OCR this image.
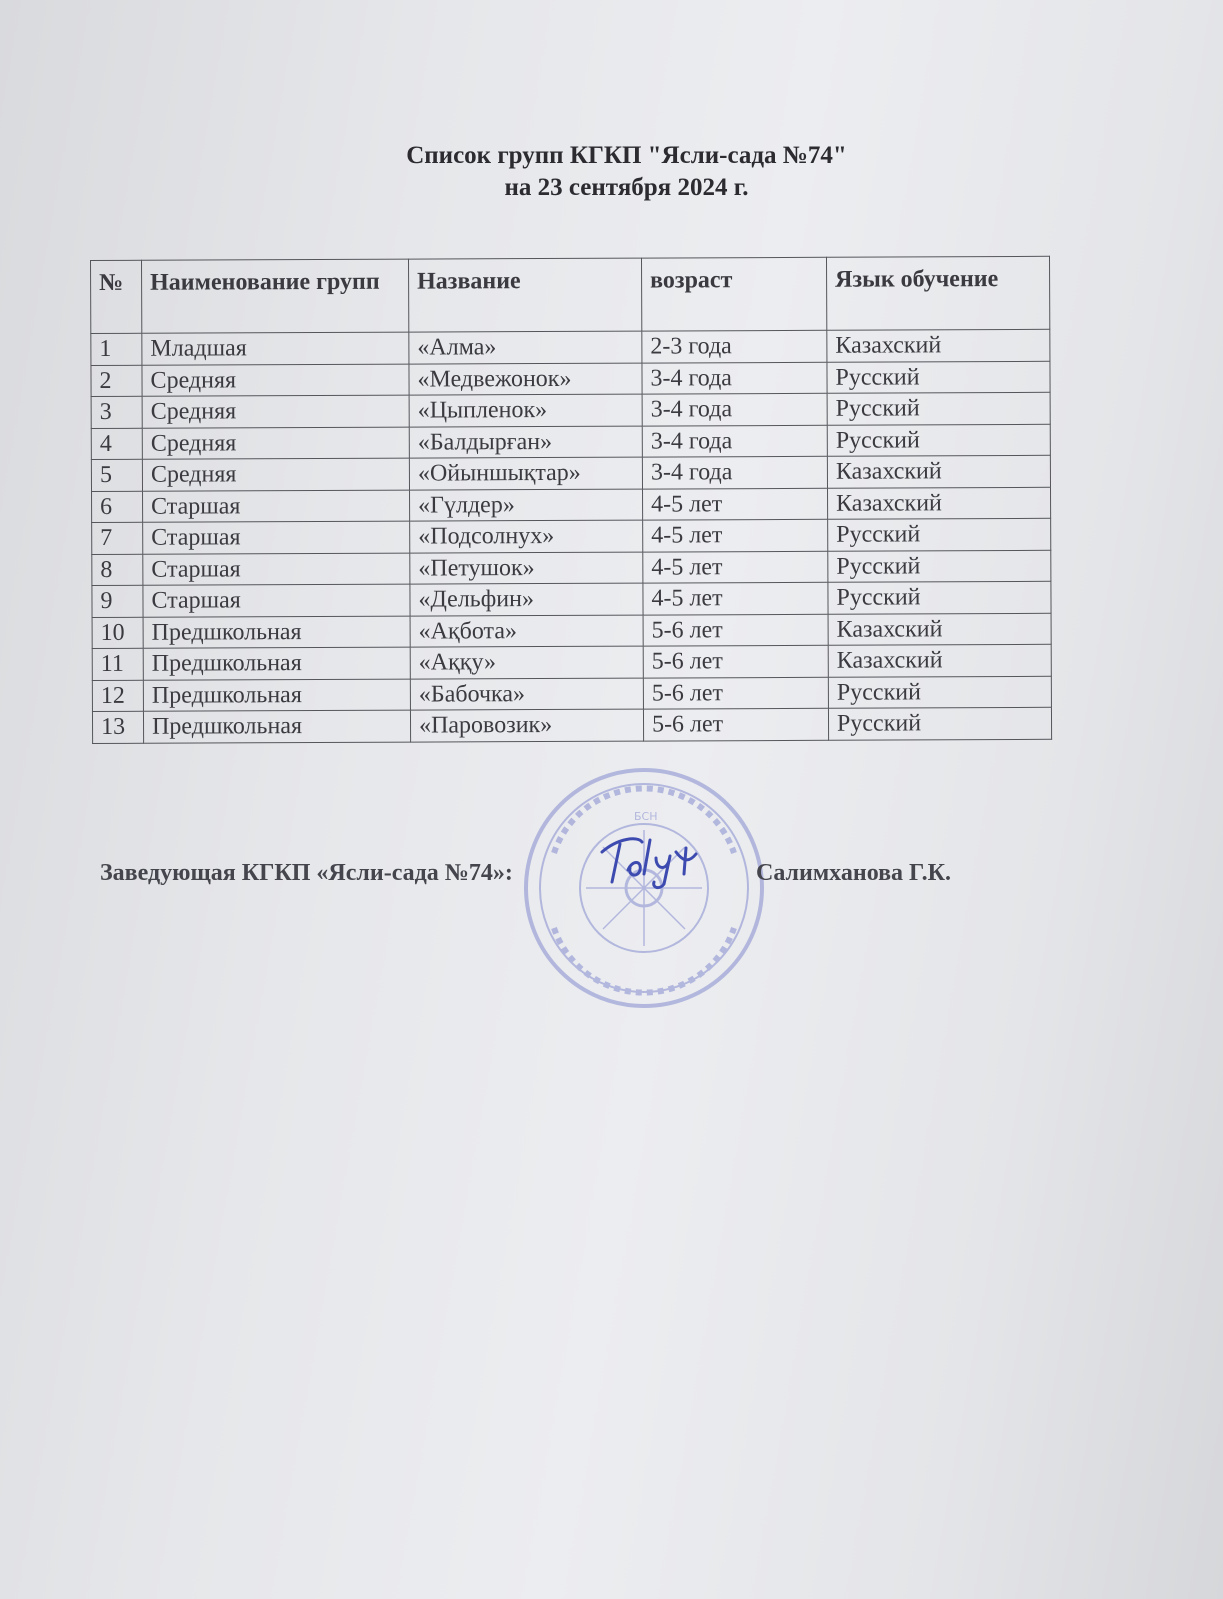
Список групп КГКП "Ясли-сада №74"
на 23 сентября 2024 г.
№	Наименование групп	Название	возраст	Язык обучение
1	Младшая	«Алма»	2-3 года	Казахский
2	Средняя	«Медвежонок»	3-4 года	Русский
3	Средняя	«Цыпленок»	3-4 года	Русский
4	Средняя	«Балдырған»	3-4 года	Русский
5	Средняя	«Ойыншықтар»	3-4 года	Казахский
6	Старшая	«Гүлдер»	4-5 лет	Казахский
7	Старшая	«Подсолнух»	4-5 лет	Русский
8	Старшая	«Петушок»	4-5 лет	Русский
9	Старшая	«Дельфин»	4-5 лет	Русский
10	Предшкольная	«Ақбота»	5-6 лет	Казахский
11	Предшкольная	«Аққу»	5-6 лет	Казахский
12	Предшкольная	«Бабочка»	5-6 лет	Русский
13	Предшкольная	«Паровозик»	5-6 лет	Русский
БСН
Заведующая КГКП «Ясли-сада №74»:	Салимханова Г.К.
